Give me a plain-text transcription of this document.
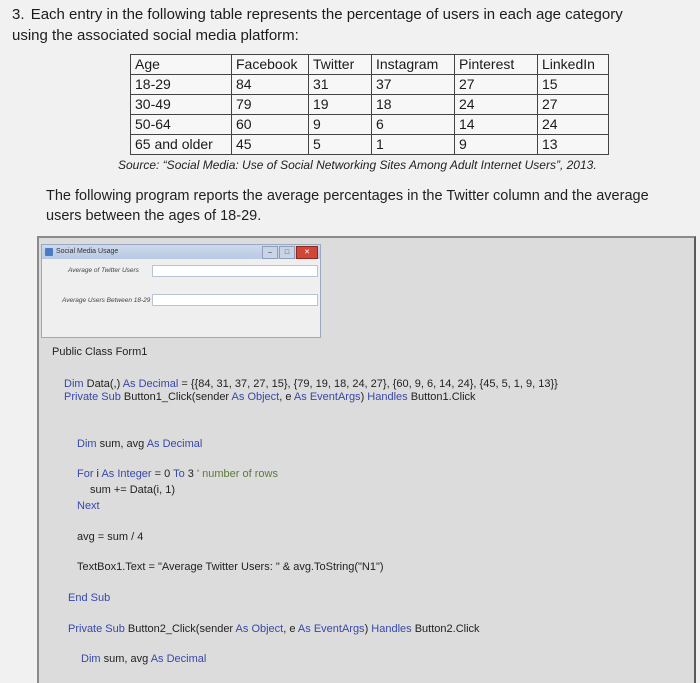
3. Each entry in the following table represents the percentage of users in each age category
using the associated social media platform:
Age	Facebook	Twitter	Instagram	Pinterest	LinkedIn
18-29	84	31	37	27	15
30-49	79	19	18	24	27
50-64	60	9	6	14	24
65 and older	45	5	1	9	13
Source: “Social Media: Use of Social Networking Sites Among Adult Internet Users”, 2013.
The following program reports the average percentages in the Twitter column and the average
users between the ages of 18-29.
Social Media Usage	–	□	✕
Average of Twitter Users
Average Users Between 18-29
Public Class Form1
Dim Data(,) As Decimal = {{84, 31, 37, 27, 15}, {79, 19, 18, 24, 27}, {60, 9, 6, 14, 24}, {45, 5, 1, 9, 13}}
Private Sub Button1_Click(sender As Object, e As EventArgs) Handles Button1.Click
Dim sum, avg As Decimal
For i As Integer = 0 To 3 ' number of rows
sum += Data(i, 1)
Next
avg = sum / 4
TextBox1.Text = "Average Twitter Users: " & avg.ToString("N1")
End Sub
Private Sub Button2_Click(sender As Object, e As EventArgs) Handles Button2.Click
Dim sum, avg As Decimal
